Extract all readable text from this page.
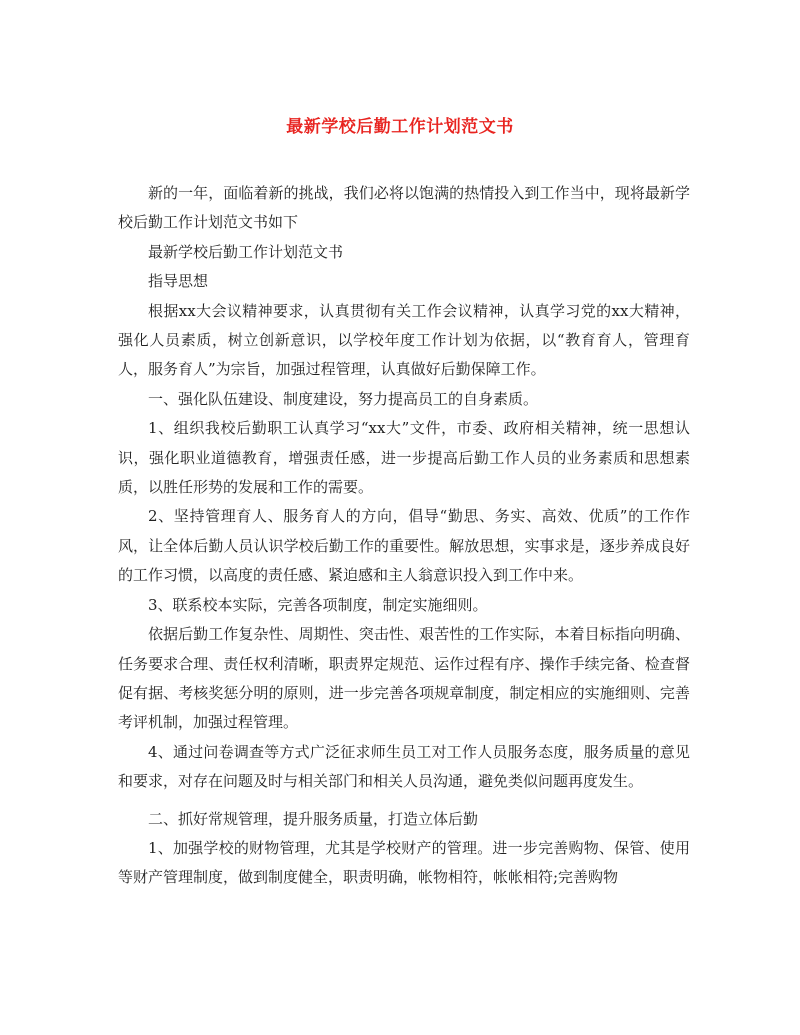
最新学校后勤工作计划范文书

新的一年，面临着新的挑战，我们必将以饱满的热情投入到工作当中，现将最新学校后勤工作计划范文书如下

最新学校后勤工作计划范文书

指导思想

根据xx大会议精神要求，认真贯彻有关工作会议精神，认真学习党的xx大精神，强化人员素质，树立创新意识，以学校年度工作计划为依据，以“教育育人，管理育人，服务育人”为宗旨，加强过程管理，认真做好后勤保障工作。

一、强化队伍建设、制度建设，努力提高员工的自身素质。

1、组织我校后勤职工认真学习“xx大”文件，市委、政府相关精神，统一思想认识，强化职业道德教育，增强责任感，进一步提高后勤工作人员的业务素质和思想素质，以胜任形势的发展和工作的需要。

2、坚持管理育人、服务育人的方向，倡导“勤思、务实、高效、优质”的工作作风，让全体后勤人员认识学校后勤工作的重要性。解放思想，实事求是，逐步养成良好的工作习惯，以高度的责任感、紧迫感和主人翁意识投入到工作中来。

3、联系校本实际，完善各项制度，制定实施细则。

依据后勤工作复杂性、周期性、突击性、艰苦性的工作实际，本着目标指向明确、任务要求合理、责任权利清晰，职责界定规范、运作过程有序、操作手续完备、检查督促有据、考核奖惩分明的原则，进一步完善各项规章制度，制定相应的实施细则、完善考评机制，加强过程管理。

4、通过问卷调查等方式广泛征求师生员工对工作人员服务态度，服务质量的意见和要求，对存在问题及时与相关部门和相关人员沟通，避免类似问题再度发生。

二、抓好常规管理，提升服务质量，打造立体后勤

1、加强学校的财物管理，尤其是学校财产的管理。进一步完善购物、保管、使用等财产管理制度，做到制度健全，职责明确，帐物相符，帐帐相符;完善购物
